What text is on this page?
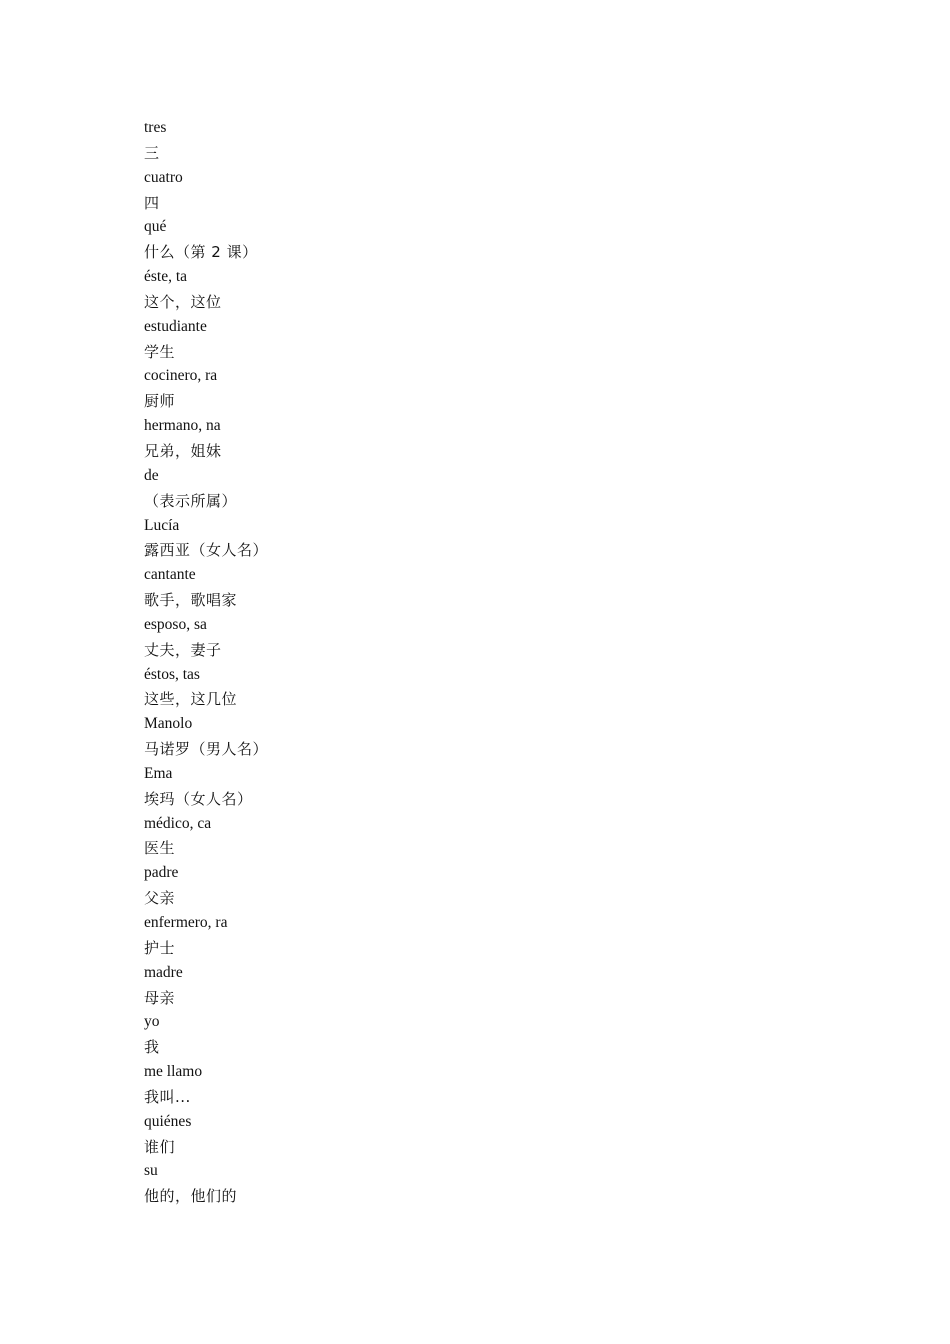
tres
三
cuatro
四
qué
什么（第 2 课）
éste, ta
这个，这位
estudiante
学生
cocinero, ra
厨师
hermano, na
兄弟，姐妹
de
（表示所属）
Lucía
露西亚（女人名）
cantante
歌手，歌唱家
esposo, sa
丈夫，妻子
éstos, tas
这些，这几位
Manolo
马诺罗（男人名）
Ema
埃玛（女人名）
médico, ca
医生
padre
父亲
enfermero, ra
护士
madre
母亲
yo
我
me llamo
我叫...
quiénes
谁们
su
他的，他们的
